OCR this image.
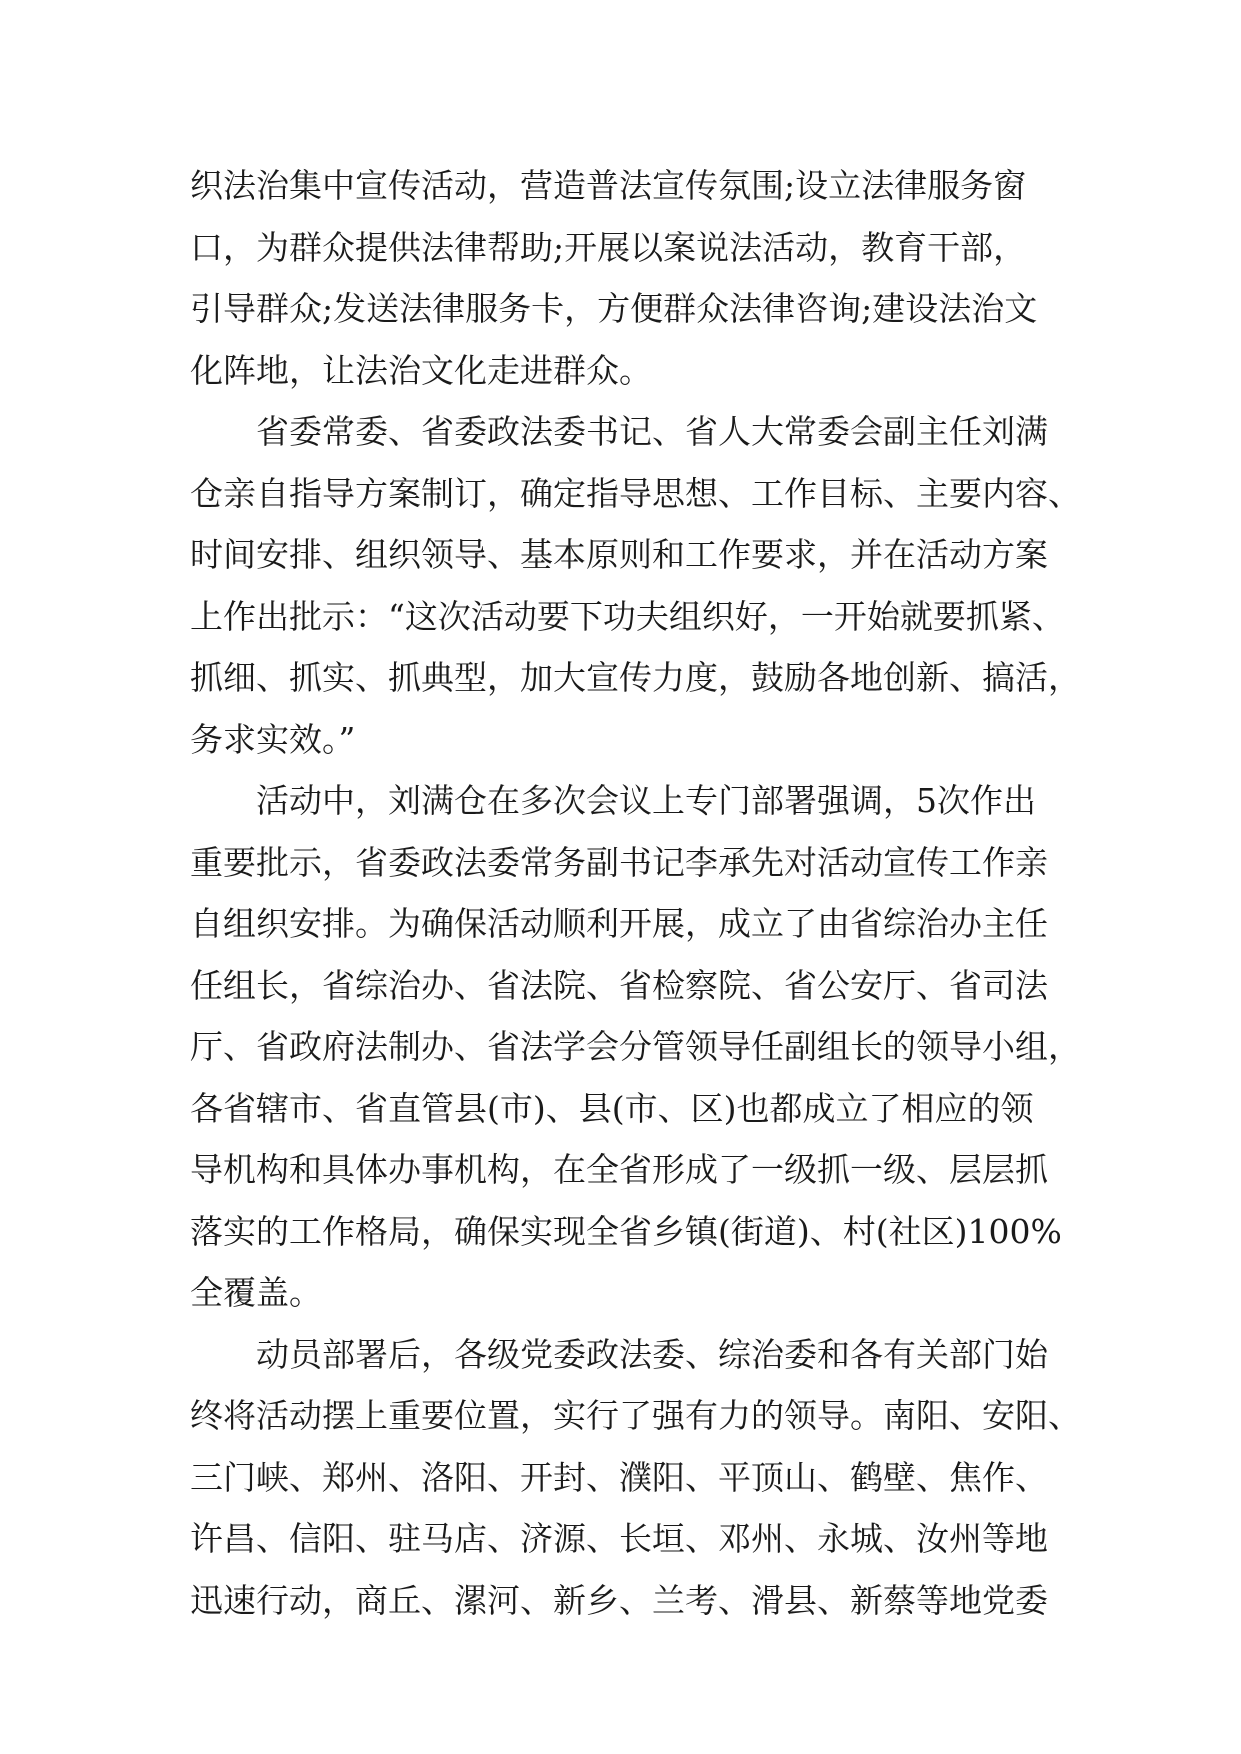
织法治集中宣传活动，营造普法宣传氛围;设立法律服务窗
口，为群众提供法律帮助;开展以案说法活动，教育干部，
引导群众;发送法律服务卡，方便群众法律咨询;建设法治文
化阵地，让法治文化走进群众。

省委常委、省委政法委书记、省人大常委会副主任刘满
仓亲自指导方案制订，确定指导思想、工作目标、主要内容、
时间安排、组织领导、基本原则和工作要求，并在活动方案
上作出批示：“这次活动要下功夫组织好，一开始就要抓紧、
抓细、抓实、抓典型，加大宣传力度，鼓励各地创新、搞活，
务求实效。”

活动中，刘满仓在多次会议上专门部署强调，5次作出
重要批示，省委政法委常务副书记李承先对活动宣传工作亲
自组织安排。为确保活动顺利开展，成立了由省综治办主任
任组长，省综治办、省法院、省检察院、省公安厅、省司法
厅、省政府法制办、省法学会分管领导任副组长的领导小组，
各省辖市、省直管县(市)、县(市、区)也都成立了相应的领
导机构和具体办事机构，在全省形成了一级抓一级、层层抓
落实的工作格局，确保实现全省乡镇(街道)、村(社区)100%
全覆盖。

动员部署后，各级党委政法委、综治委和各有关部门始
终将活动摆上重要位置，实行了强有力的领导。南阳、安阳、
三门峡、郑州、洛阳、开封、濮阳、平顶山、鹤壁、焦作、
许昌、信阳、驻马店、济源、长垣、邓州、永城、汝州等地
迅速行动，商丘、漯河、新乡、兰考、滑县、新蔡等地党委
